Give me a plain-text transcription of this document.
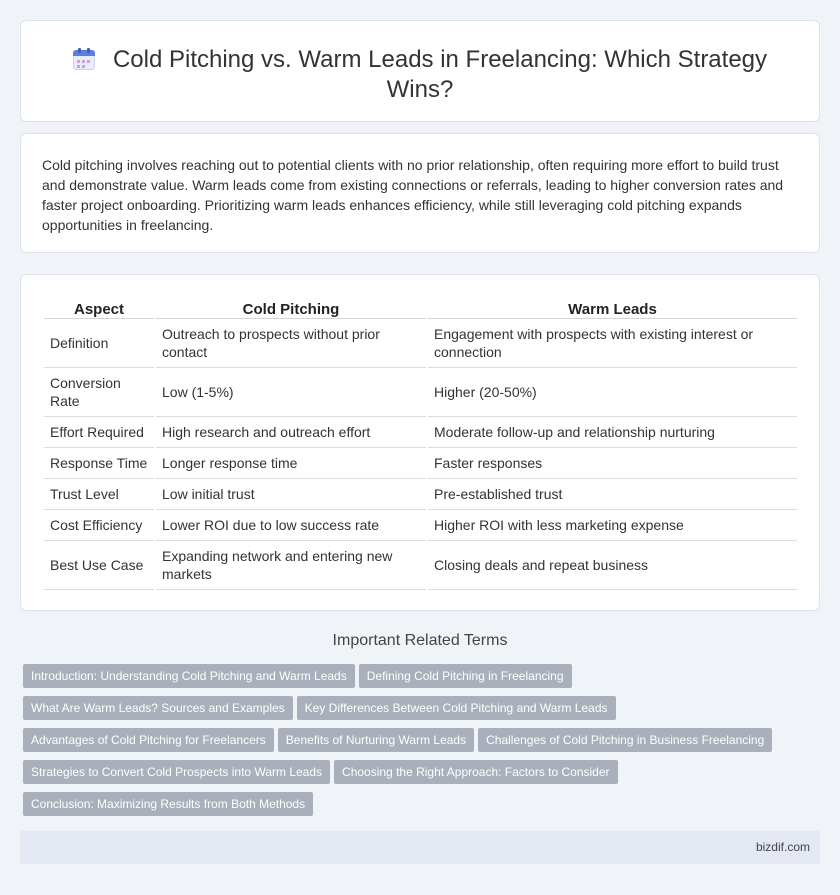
Cold Pitching vs. Warm Leads in Freelancing: Which Strategy Wins?

Cold pitching involves reaching out to potential clients with no prior relationship, often requiring more effort to build trust and demonstrate value. Warm leads come from existing connections or referrals, leading to higher conversion rates and faster project onboarding. Prioritizing warm leads enhances efficiency, while still leveraging cold pitching expands opportunities in freelancing.

Aspect	Cold Pitching	Warm Leads
Definition	Outreach to prospects without prior contact	Engagement with prospects with existing interest or connection
Conversion Rate	Low (1-5%)	Higher (20-50%)
Effort Required	High research and outreach effort	Moderate follow-up and relationship nurturing
Response Time	Longer response time	Faster responses
Trust Level	Low initial trust	Pre-established trust
Cost Efficiency	Lower ROI due to low success rate	Higher ROI with less marketing expense
Best Use Case	Expanding network and entering new markets	Closing deals and repeat business
Important Related Terms
Introduction: Understanding Cold Pitching and Warm Leads Defining Cold Pitching in Freelancing
What Are Warm Leads? Sources and Examples Key Differences Between Cold Pitching and Warm Leads
Advantages of Cold Pitching for Freelancers Benefits of Nurturing Warm Leads Challenges of Cold Pitching in Business Freelancing
Strategies to Convert Cold Prospects into Warm Leads Choosing the Right Approach: Factors to Consider
Conclusion: Maximizing Results from Both Methods
bizdif.com
